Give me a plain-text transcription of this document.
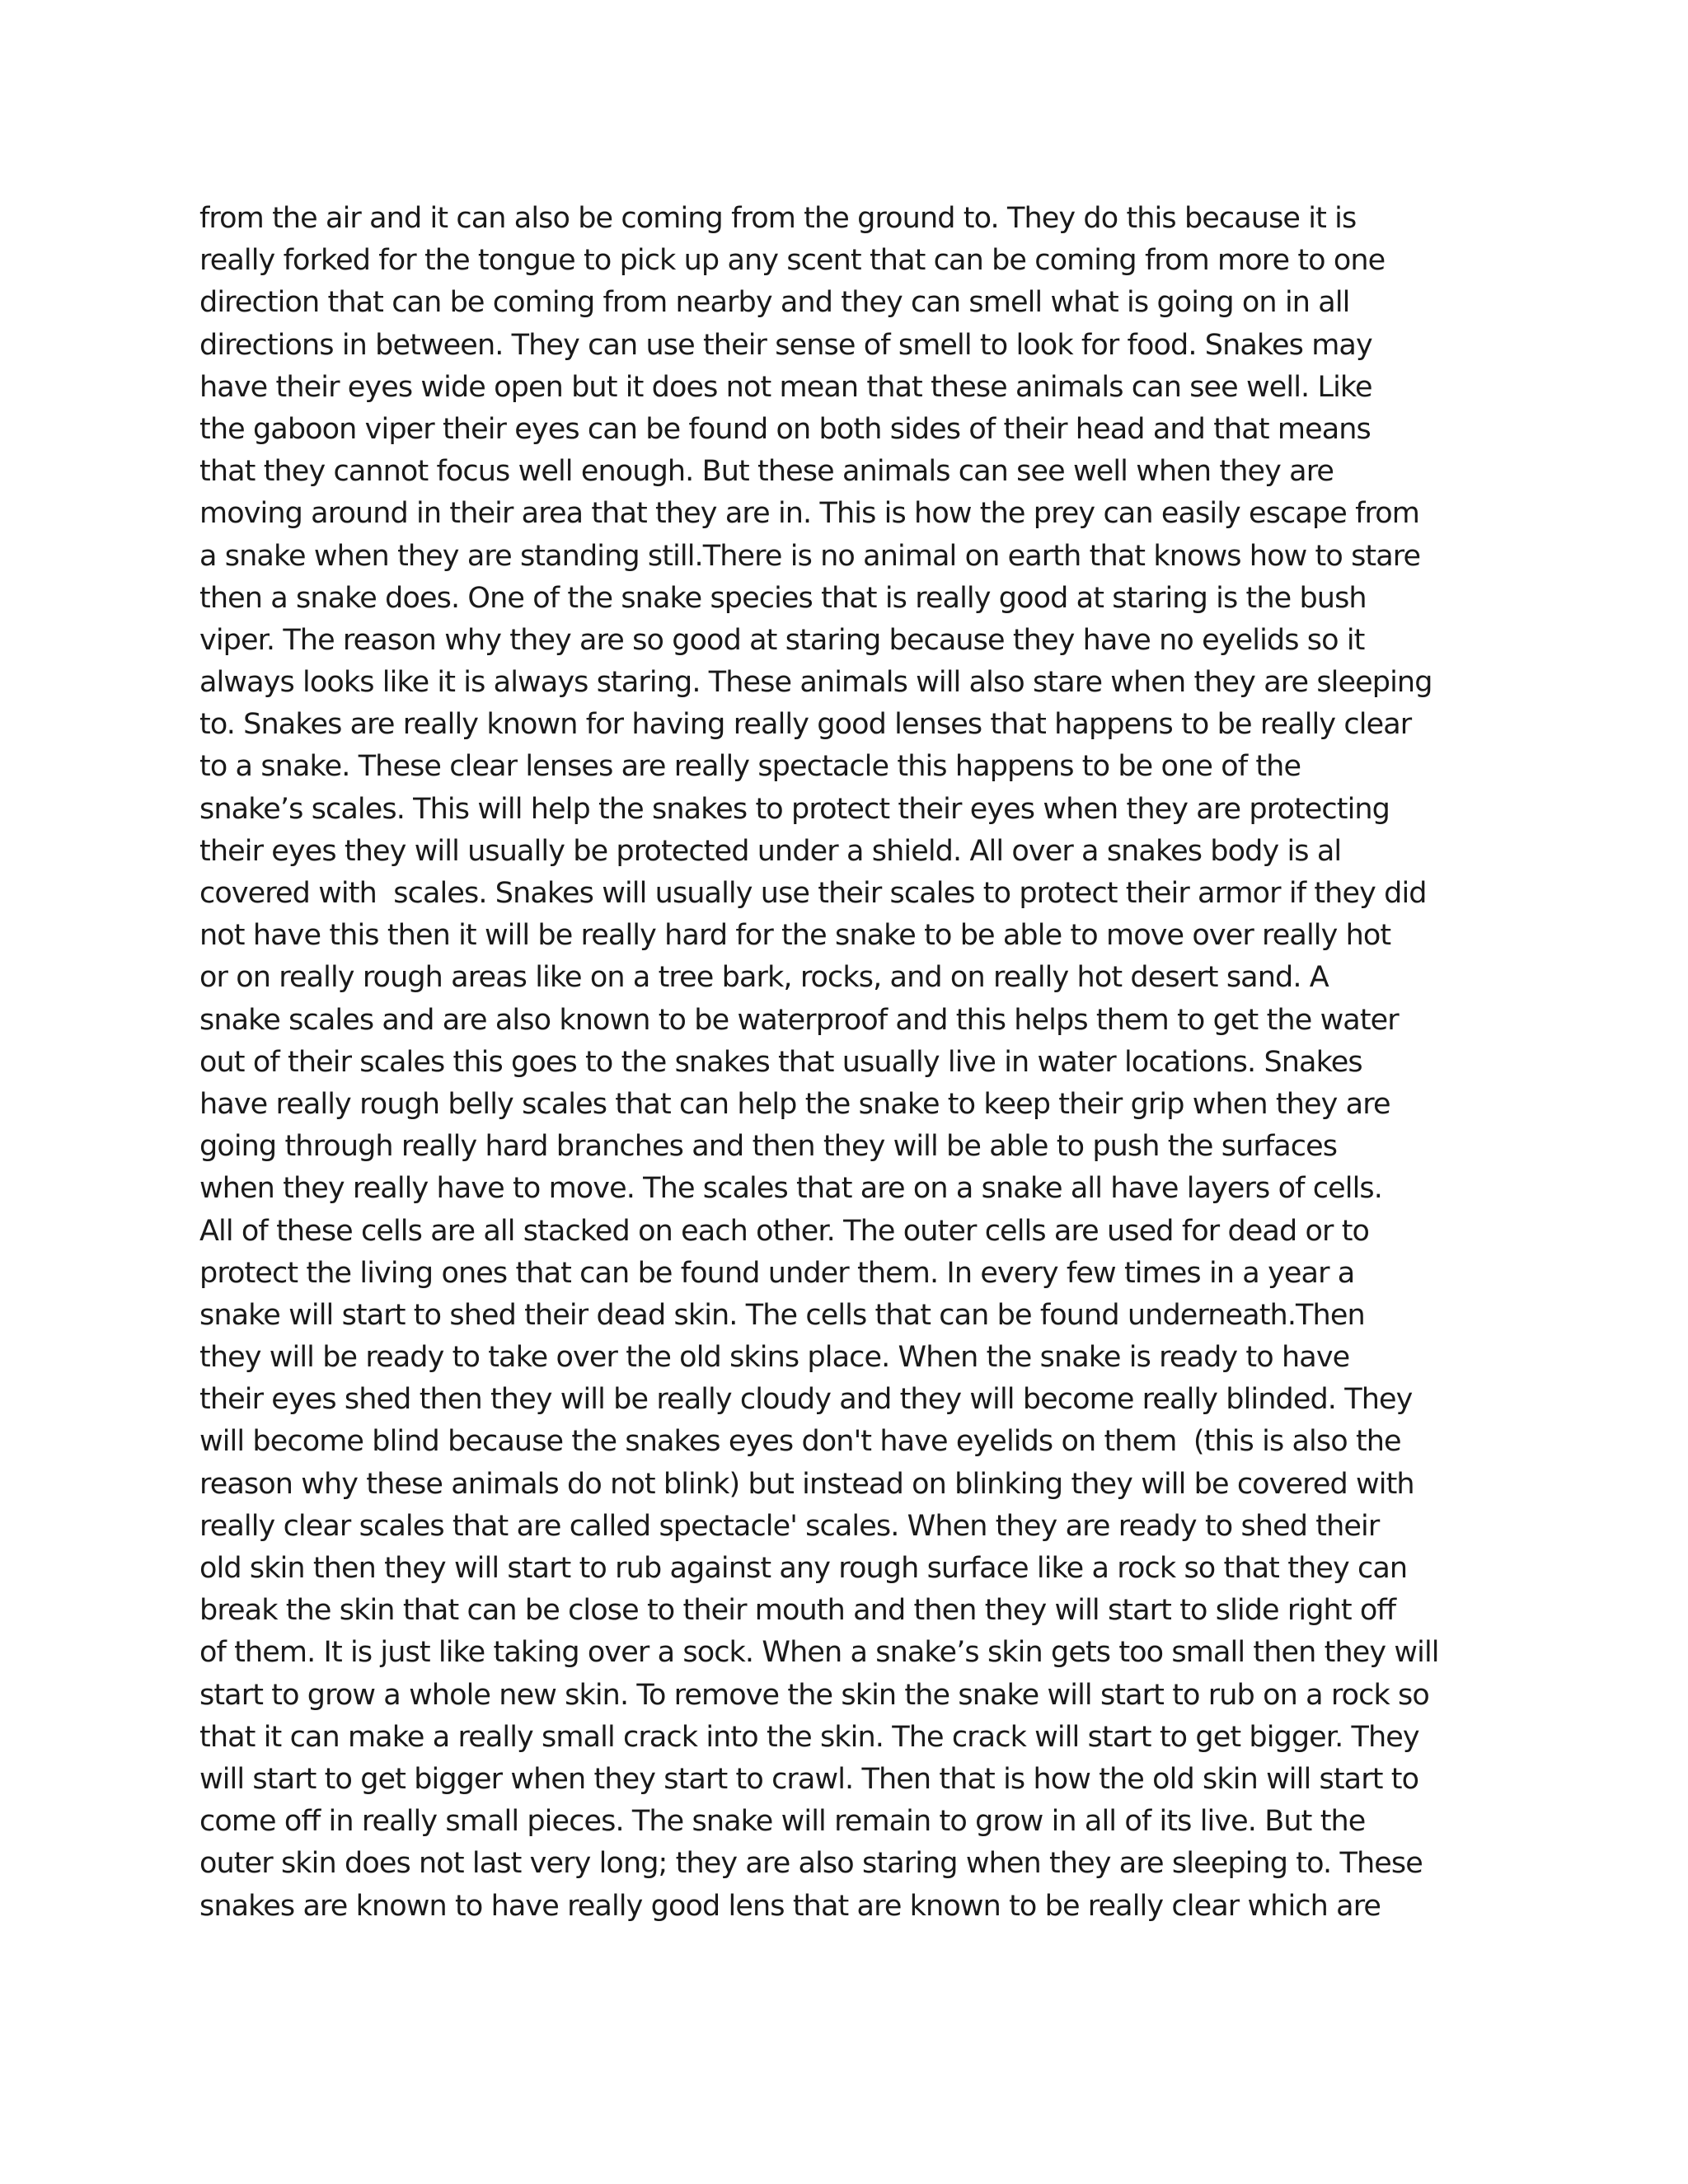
from the air and it can also be coming from the ground to. They do this because it is
really forked for the tongue to pick up any scent that can be coming from more to one
direction that can be coming from nearby and they can smell what is going on in all
directions in between. They can use their sense of smell to look for food. Snakes may
have their eyes wide open but it does not mean that these animals can see well. Like
the gaboon viper their eyes can be found on both sides of their head and that means
that they cannot focus well enough. But these animals can see well when they are
moving around in their area that they are in. This is how the prey can easily escape from
a snake when they are standing still.There is no animal on earth that knows how to stare
then a snake does. One of the snake species that is really good at staring is the bush
viper. The reason why they are so good at staring because they have no eyelids so it
always looks like it is always staring. These animals will also stare when they are sleeping
to. Snakes are really known for having really good lenses that happens to be really clear
to a snake. These clear lenses are really spectacle this happens to be one of the
snake’s scales. This will help the snakes to protect their eyes when they are protecting
their eyes they will usually be protected under a shield. All over a snakes body is al
covered with  scales. Snakes will usually use their scales to protect their armor if they did
not have this then it will be really hard for the snake to be able to move over really hot
or on really rough areas like on a tree bark, rocks, and on really hot desert sand. A
snake scales and are also known to be waterproof and this helps them to get the water
out of their scales this goes to the snakes that usually live in water locations. Snakes
have really rough belly scales that can help the snake to keep their grip when they are
going through really hard branches and then they will be able to push the surfaces
when they really have to move. The scales that are on a snake all have layers of cells.
All of these cells are all stacked on each other. The outer cells are used for dead or to
protect the living ones that can be found under them. In every few times in a year a
snake will start to shed their dead skin. The cells that can be found underneath.Then
they will be ready to take over the old skins place. When the snake is ready to have
their eyes shed then they will be really cloudy and they will become really blinded. They
will become blind because the snakes eyes don't have eyelids on them  (this is also the
reason why these animals do not blink) but instead on blinking they will be covered with
really clear scales that are called spectacle' scales. When they are ready to shed their
old skin then they will start to rub against any rough surface like a rock so that they can
break the skin that can be close to their mouth and then they will start to slide right off
of them. It is just like taking over a sock. When a snake’s skin gets too small then they will
start to grow a whole new skin. To remove the skin the snake will start to rub on a rock so
that it can make a really small crack into the skin. The crack will start to get bigger. They
will start to get bigger when they start to crawl. Then that is how the old skin will start to
come off in really small pieces. The snake will remain to grow in all of its live. But the
outer skin does not last very long; they are also staring when they are sleeping to. These
snakes are known to have really good lens that are known to be really clear which are
